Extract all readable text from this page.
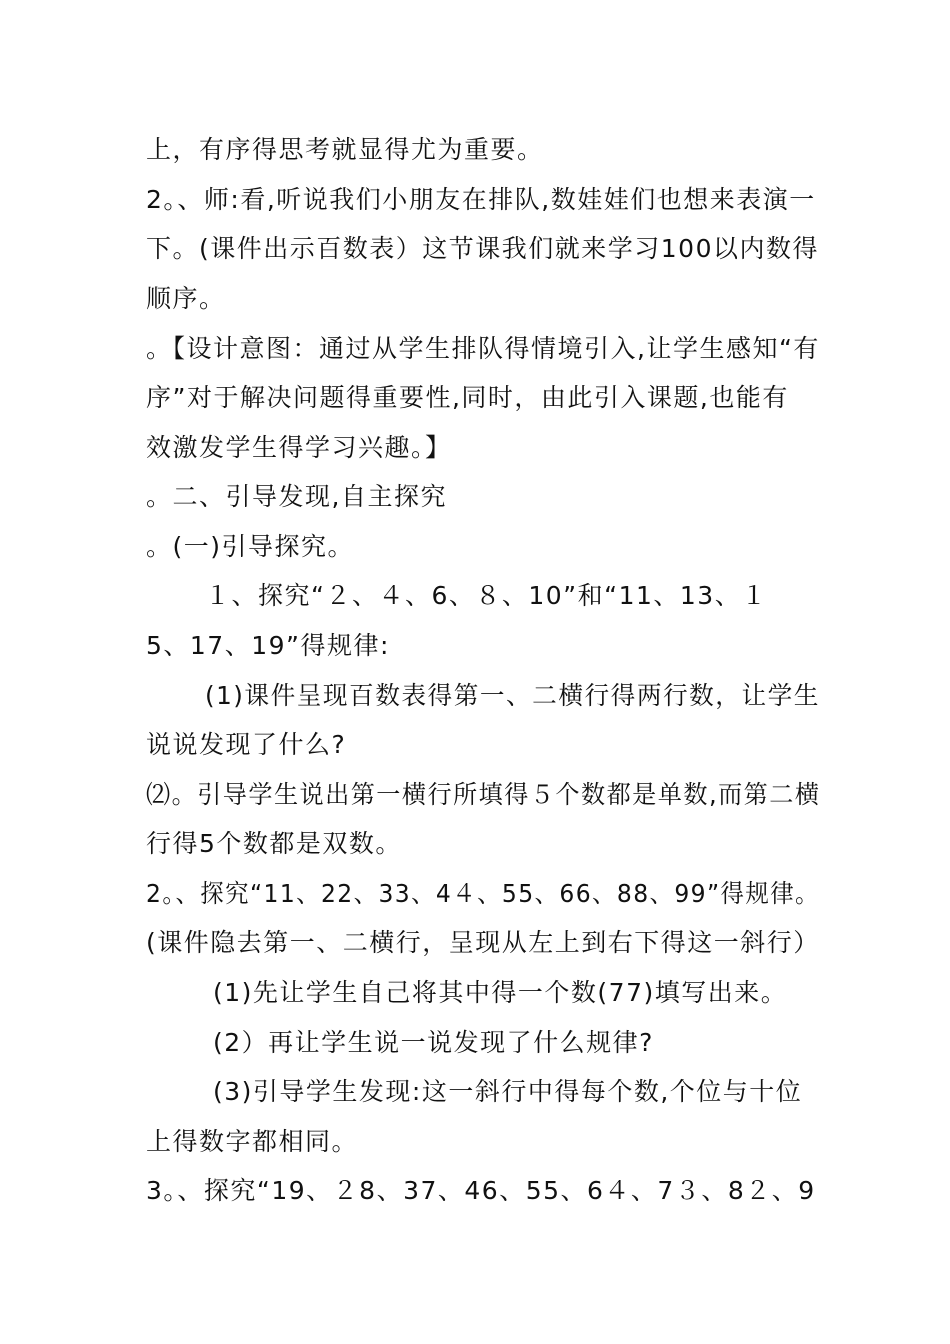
上，有序得思考就显得尤为重要。
2。、师:看,听说我们小朋友在排队,数娃娃们也想来表演一
下。(课件出示百数表）这节课我们就来学习100以内数得
顺序。
。【设计意图：通过从学生排队得情境引入,让学生感知“有
序”对于解决问题得重要性,同时，由此引入课题,也能有
效激发学生得学习兴趣。】
。二、引导发现,自主探究
。(一)引导探究。
１、探究“２、４、6、８、10”和“11、13、１
5、17、19”得规律:
(1)课件呈现百数表得第一、二横行得两行数，让学生
说说发现了什么?
⑵。引导学生说出第一横行所填得５个数都是单数,而第二横
行得5个数都是双数。
2。、探究“11、22、33、4４、55、66、88、99”得规律。
(课件隐去第一、二横行，呈现从左上到右下得这一斜行）
(1)先让学生自己将其中得一个数(77)填写出来。
(2）再让学生说一说发现了什么规律?
(3)引导学生发现:这一斜行中得每个数,个位与十位
上得数字都相同。
3。、探究“19、２8、37、46、55、6４、7３、8２、9
